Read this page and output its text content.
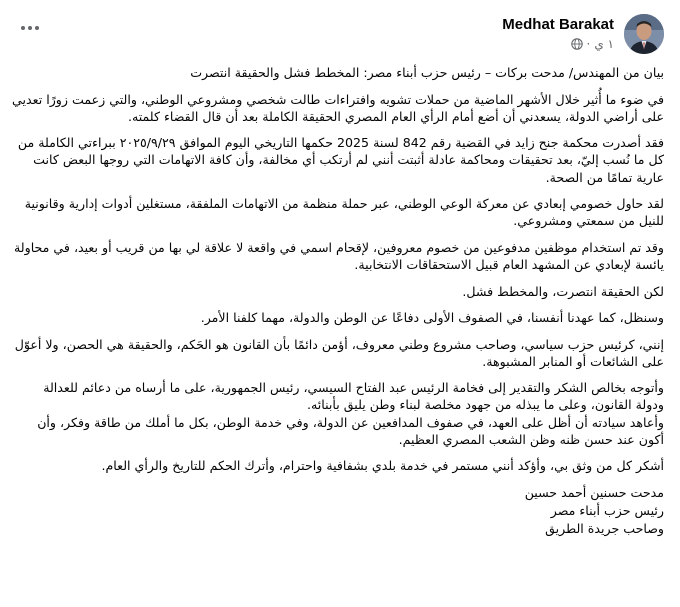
Medhat Barakat
١ ي
·

بيان من المهندس/ مدحت بركات – رئيس حزب أبناء مصر: المخطط فشل والحقيقة انتصرت

في ضوء ما أُثير خلال الأشهر الماضية من حملات تشويه وافتراءات طالت شخصي ومشروعي الوطني، والتي زعمت زورًا تعديي على أراضي الدولة، يسعدني أن أضع أمام الرأي العام المصري الحقيقة الكاملة بعد أن قال القضاء كلمته.

فقد أصدرت محكمة جنح زايد في القضية رقم 842 لسنة 2025 حكمها التاريخي اليوم الموافق ٢٠٢٥/٩/٢٩ ببراءتي الكاملة من كل ما نُسب إليّ، بعد تحقيقات ومحاكمة عادلة أثبتت أنني لم أرتكب أي مخالفة، وأن كافة الاتهامات التي روجها البعض كانت عارية تمامًا من الصحة.

لقد حاول خصومي إبعادي عن معركة الوعي الوطني، عبر حملة منظمة من الاتهامات الملفقة، مستغلين أدوات إدارية وقانونية للنيل من سمعتي ومشروعي.

وقد تم استخدام موظفين مدفوعين من خصوم معروفين، لإقحام اسمي في واقعة لا علاقة لي بها من قريب أو بعيد، في محاولة يائسة لإبعادي عن المشهد العام قبيل الاستحقاقات الانتخابية.

لكن الحقيقة انتصرت، والمخطط فشل.

وسنظل، كما عهدنا أنفسنا، في الصفوف الأولى دفاعًا عن الوطن والدولة، مهما كلفنا الأمر.

إنني، كرئيس حزب سياسي، وصاحب مشروع وطني معروف، أؤمن دائمًا بأن القانون هو الحَكم، والحقيقة هي الحصن، ولا أعوّل على الشائعات أو المنابر المشبوهة.

وأتوجه بخالص الشكر والتقدير إلى فخامة الرئيس عبد الفتاح السيسي، رئيس الجمهورية، على ما أرساه من دعائم للعدالة ودولة القانون، وعلى ما يبذله من جهود مخلصة لبناء وطن يليق بأبنائه.
وأعاهد سيادته أن أظل على العهد، في صفوف المدافعين عن الدولة، وفي خدمة الوطن، بكل ما أملك من طاقة وفكر، وأن أكون عند حسن ظنه وظن الشعب المصري العظيم.

أشكر كل من وثق بي، وأؤكد أنني مستمر في خدمة بلدي بشفافية واحترام، وأترك الحكم للتاريخ والرأي العام.

مدحت حسنين أحمد حسين

رئيس حزب أبناء مصر

وصاحب جريدة الطريق
